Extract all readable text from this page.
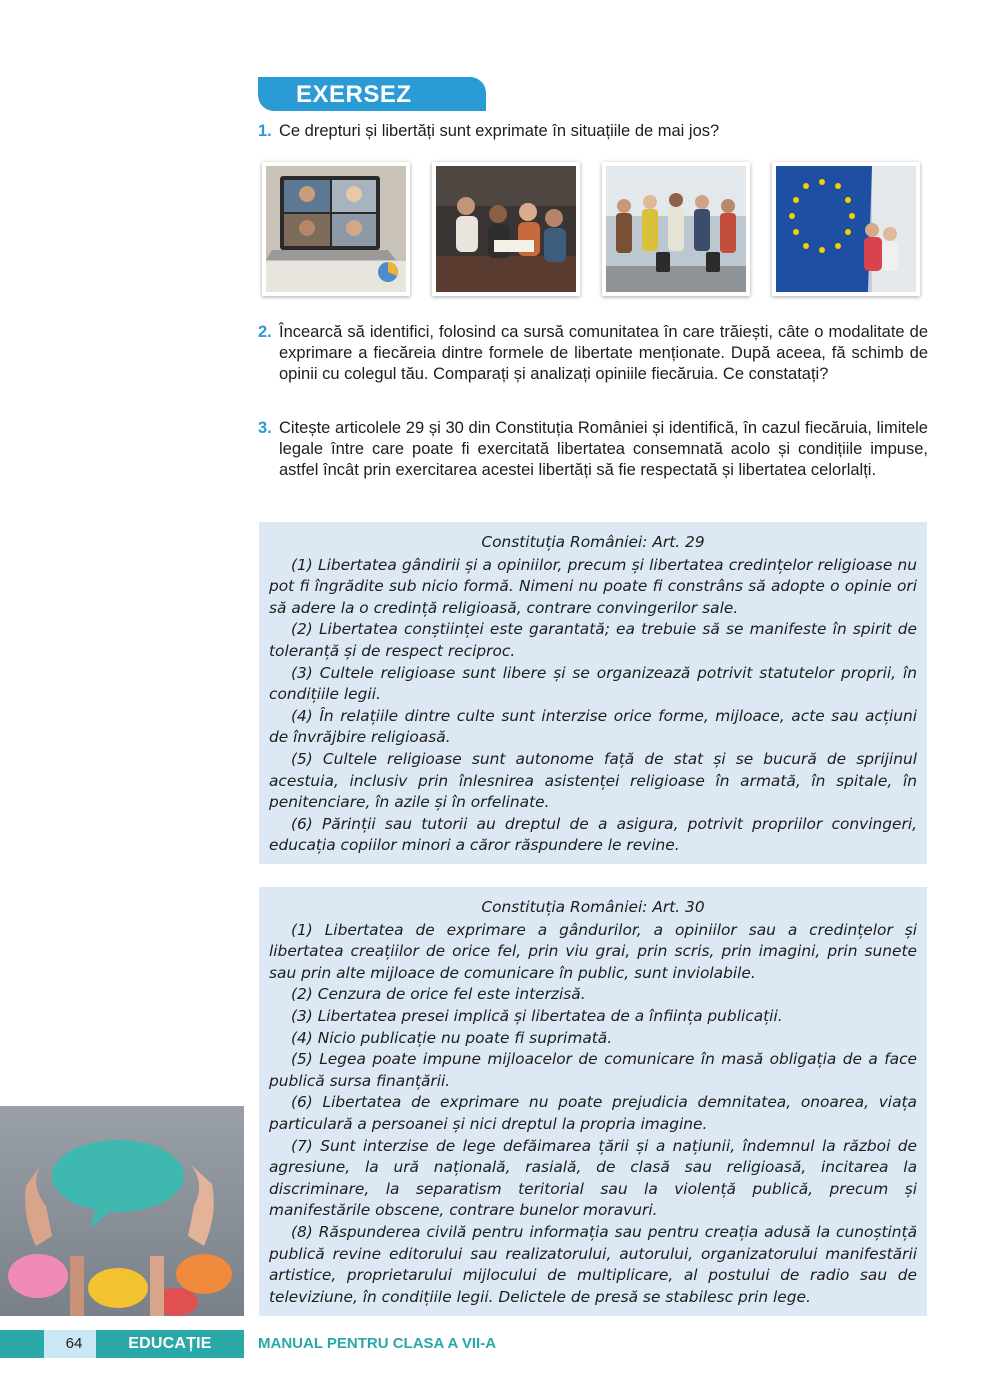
EXERSEZ
1. Ce drepturi și libertăți sunt exprimate în situațiile de mai jos?
2. Încearcă să identifici, folosind ca sursă comunitatea în care trăiești, câte o modalitate de exprimare a fiecăreia dintre formele de libertate menționate. După aceea, fă schimb de opinii cu colegul tău. Comparați și analizați opiniile fiecăruia. Ce constatați?
3. Citește articolele 29 și 30 din Constituția României și identifică, în cazul fiecăruia, limitele legale între care poate fi exercitată libertatea consemnată acolo și condițiile impuse, astfel încât prin exercitarea acestei libertăți să fie respectată și libertatea celorlalți.
Constituția României: Art. 29

(1) Libertatea gândirii și a opiniilor, precum și libertatea credințelor religioase nu pot fi îngrădite sub nicio formă. Nimeni nu poate fi constrâns să adopte o opinie ori să adere la o credință religioasă, contrare convingerilor sale.

(2) Libertatea conștiinței este garantată; ea trebuie să se manifeste în spirit de toleranță și de respect reciproc.

(3) Cultele religioase sunt libere și se organizează potrivit statutelor proprii, în condițiile legii.

(4) În relațiile dintre culte sunt interzise orice forme, mijloace, acte sau acțiuni de învrăjbire religioasă.

(5) Cultele religioase sunt autonome față de stat și se bucură de sprijinul acestuia, inclusiv prin înlesnirea asistenței religioase în armată, în spitale, în penitenciare, în azile și în orfelinate.

(6) Părinții sau tutorii au dreptul de a asigura, potrivit propriilor convingeri, educația copiilor minori a căror răspundere le revine.

Constituția României: Art. 30

(1) Libertatea de exprimare a gândurilor, a opiniilor sau a credințelor și libertatea creațiilor de orice fel, prin viu grai, prin scris, prin imagini, prin sunete sau prin alte mijloace de comunicare în public, sunt inviolabile.

(2) Cenzura de orice fel este interzisă.

(3) Libertatea presei implică și libertatea de a înființa publicații.

(4) Nicio publicație nu poate fi suprimată.

(5) Legea poate impune mijloacelor de comunicare în masă obligația de a face publică sursa finanțării.

(6) Libertatea de exprimare nu poate prejudicia demnitatea, onoarea, viața particulară a persoanei și nici dreptul la propria imagine.

(7) Sunt interzise de lege defăimarea țării și a națiunii, îndemnul la război de agresiune, la ură națională, rasială, de clasă sau religioasă, incitarea la discriminare, la separatism teritorial sau la violență publică, precum și manifestările obscene, contrare bunelor moravuri.

(8) Răspunderea civilă pentru informația sau pentru creația adusă la cunoștință publică revine editorului sau realizatorului, autorului, organizatorului manifestării artistice, proprietarului mijlocului de multiplicare, al postului de radio sau de televiziune, în condițiile legii. Delictele de presă se stabilesc prin lege.

64	EDUCAȚIE SOCIALĂ
MANUAL PENTRU CLASA A VII-A
